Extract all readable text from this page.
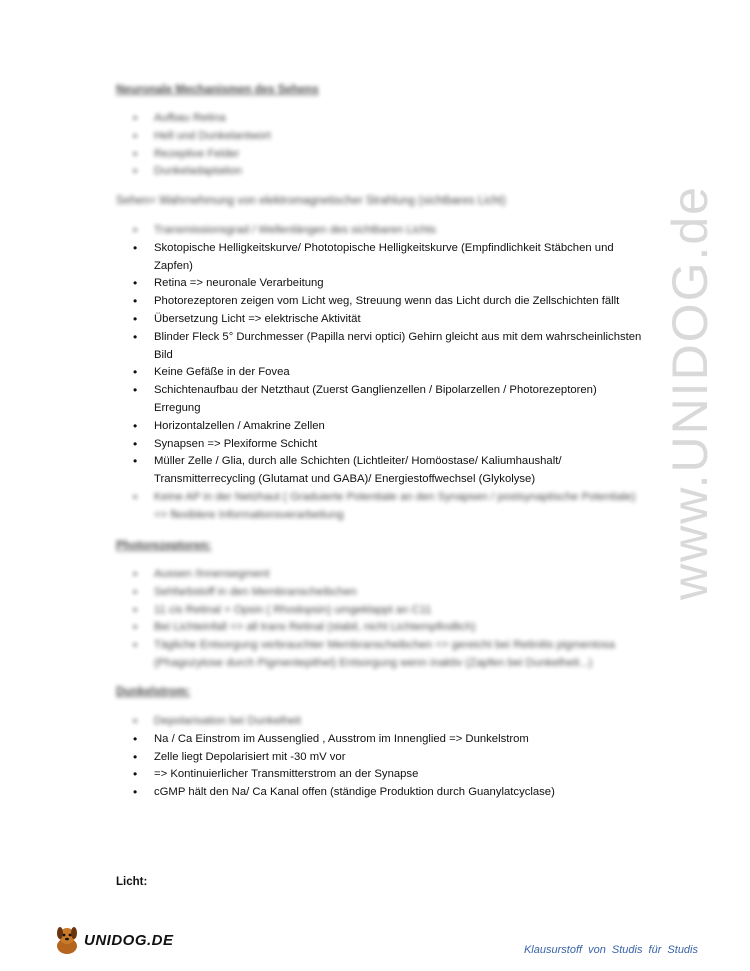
www.UNIDOG.de
Neuronale Mechanismen des Sehens
• Aufbau Retina
• Hell und Dunkelantwort
• Rezeptive Felder
• Dunkeladaptation
Sehen= Wahrnehmung von elektromagnetischer Strahlung (sichtbares Licht)
• Transmissionsgrad / Wellenlängen des sichtbaren Lichts
• Skotopische Helligkeitskurve/ Phototopische Helligkeitskurve (Empfindlichkeit Stäbchen und Zapfen)
• Retina => neuronale Verarbeitung
• Photorezeptoren zeigen vom Licht weg, Streuung wenn das Licht durch die Zellschichten fällt
• Übersetzung Licht => elektrische Aktivität
• Blinder Fleck 5° Durchmesser (Papilla nervi optici) Gehirn gleicht aus mit dem wahrscheinlichsten Bild
• Keine Gefäße in der Fovea
• Schichtenaufbau der Netzthaut (Zuerst Ganglienzellen / Bipolarzellen / Photorezeptoren) Erregung
• Horizontalzellen / Amakrine Zellen
• Synapsen => Plexiforme Schicht
• Müller Zelle / Glia, durch alle Schichten (Lichtleiter/ Homöostase/ Kaliumhaushalt/ Transmitterrecycling (Glutamat und GABA)/ Energiestoffwechsel (Glykolyse)
• Keine AP in der Netzhaut ( Graduierte Potentiale an den Synapsen / postsynaptische Potentiale) => flexiblere Informationsverarbeitung
Photorezeptoren:
• Aussen /Innensegment
• Sehfarbstoff in den Membranscheibchen
• 11 cis Retinal + Opsin ( Rhodopsin) umgeklappt an C11
• Bei Lichteinfall => all trans Retinal (stabil, nicht Lichtempfindlich)
• Tägliche Entsorgung verbrauchter Membranscheibchen => gereicht bei Retinitis pigmentosa (Phagozytose durch Pigmentepithel) Entsorgung wenn inaktiv (Zapfen bei Dunkelheit...)
Dunkelstrom:
• Depolarisation bei Dunkelheit
• Na / Ca Einstrom im Aussenglied , Ausstrom im Innenglied => Dunkelstrom
• Zelle liegt Depolarisiert mit -30 mV vor
• => Kontinuierlicher Transmitterstrom an der Synapse
• cGMP hält den Na/ Ca Kanal offen (ständige Produktion durch Guanylatcyclase)
Licht:
UNIDOG.DE
Klausurstoff von Studis für Studis
